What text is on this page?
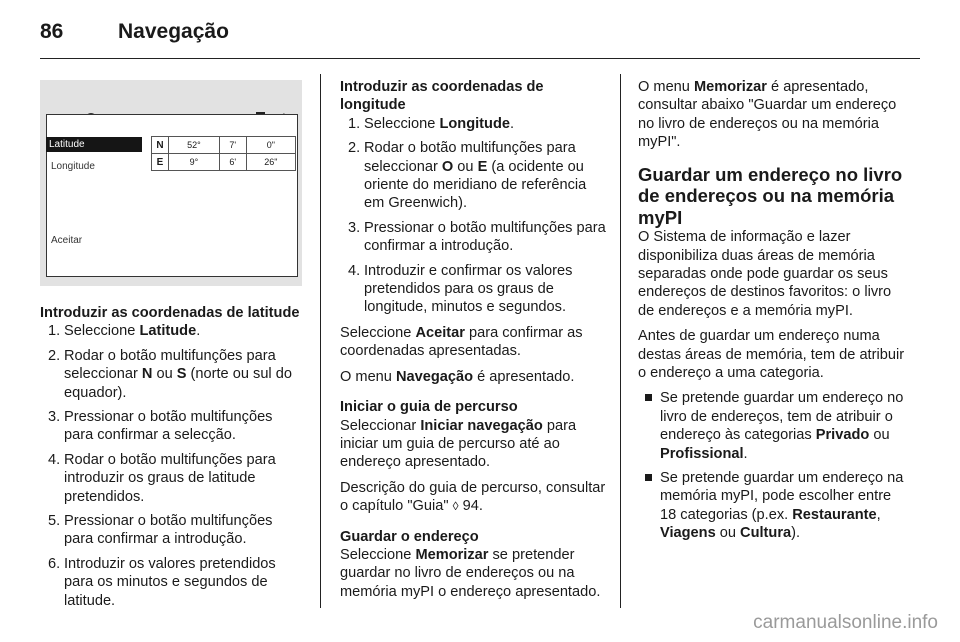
86	Navegação
Latitude
Longitude
Aceitar
N	52°	7'	0"
E	9°	6'	26"
Introduzir as coordenadas de latitude
1. Seleccione Latitude.
2. Rodar o botão multifunções para seleccionar N ou S (norte ou sul do equador).
3. Pressionar o botão multifunções para confirmar a selecção.
4. Rodar o botão multifunções para introduzir os graus de latitude pretendidos.
5. Pressionar o botão multifunções para confirmar a introdução.
6. Introduzir os valores pretendidos para os minutos e segundos de latitude.
Introduzir as coordenadas de longitude
1. Seleccione Longitude.
2. Rodar o botão multifunções para seleccionar O ou E (a ocidente ou oriente do meridiano de referência em Greenwich).
3. Pressionar o botão multifunções para confirmar a introdução.
4. Introduzir e confirmar os valores pretendidos para os graus de longitude, minutos e segundos.

Seleccione Aceitar para confirmar as coordenadas apresentadas.

O menu Navegação é apresentado.

Iniciar o guia de percurso

Seleccionar Iniciar navegação para iniciar um guia de percurso até ao endereço apresentado.

Descrição do guia de percurso, consultar o capítulo "Guia" ◊ 94.

Guardar o endereço

Seleccione Memorizar se pretender guardar no livro de endereços ou na memória myPI o endereço apresentado.

O menu Memorizar é apresentado, consultar abaixo "Guardar um endereço no livro de endereços ou na memória myPI".

Guardar um endereço no livro de endereços ou na memória myPI

O Sistema de informação e lazer disponibiliza duas áreas de memória separadas onde pode guardar os seus endereços de destinos favoritos: o livro de endereços e a memória myPI.

Antes de guardar um endereço numa destas áreas de memória, tem de atribuir o endereço a uma categoria.

Se pretende guardar um endereço no livro de endereços, tem de atribuir o endereço às categorias Privado ou Profissional.
Se pretende guardar um endereço na memória myPI, pode escolher entre 18 categorias (p.ex. Restaurante, Viagens ou Cultura).
carmanualsonline.info
